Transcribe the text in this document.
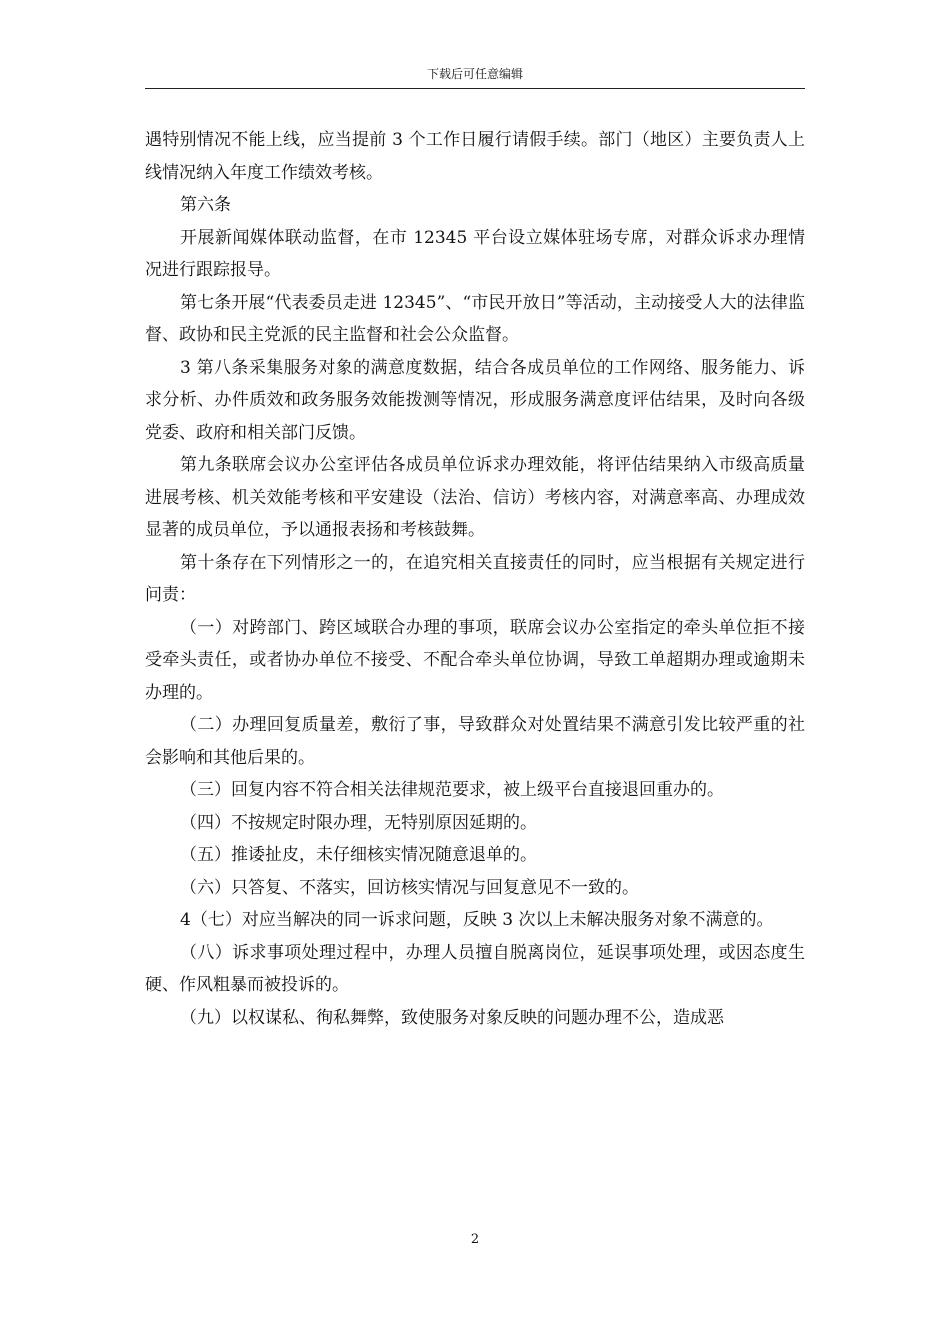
下载后可任意编辑

遇特别情况不能上线，应当提前 3 个工作日履行请假手续。部门（地区）主要负责人上线情况纳入年度工作绩效考核。

第六条

开展新闻媒体联动监督，在市 12345 平台设立媒体驻场专席，对群众诉求办理情况进行跟踪报导。

第七条开展“代表委员走进 12345”、“市民开放日”等活动，主动接受人大的法律监督、政协和民主党派的民主监督和社会公众监督。

3 第八条采集服务对象的满意度数据，结合各成员单位的工作网络、服务能力、诉求分析、办件质效和政务服务效能拨测等情况，形成服务满意度评估结果，及时向各级党委、政府和相关部门反馈。

第九条联席会议办公室评估各成员单位诉求办理效能，将评估结果纳入市级高质量进展考核、机关效能考核和平安建设（法治、信访）考核内容，对满意率高、办理成效显著的成员单位，予以通报表扬和考核鼓舞。

第十条存在下列情形之一的，在追究相关直接责任的同时，应当根据有关规定进行问责：

（一）对跨部门、跨区域联合办理的事项，联席会议办公室指定的牵头单位拒不接受牵头责任，或者协办单位不接受、不配合牵头单位协调，导致工单超期办理或逾期未办理的。

（二）办理回复质量差，敷衍了事，导致群众对处置结果不满意引发比较严重的社会影响和其他后果的。

（三）回复内容不符合相关法律规范要求，被上级平台直接退回重办的。

（四）不按规定时限办理，无特别原因延期的。

（五）推诿扯皮，未仔细核实情况随意退单的。

（六）只答复、不落实，回访核实情况与回复意见不一致的。

4（七）对应当解决的同一诉求问题，反映 3 次以上未解决服务对象不满意的。

（八）诉求事项处理过程中，办理人员擅自脱离岗位，延误事项处理，或因态度生硬、作风粗暴而被投诉的。

（九）以权谋私、徇私舞弊，致使服务对象反映的问题办理不公，造成恶

2
